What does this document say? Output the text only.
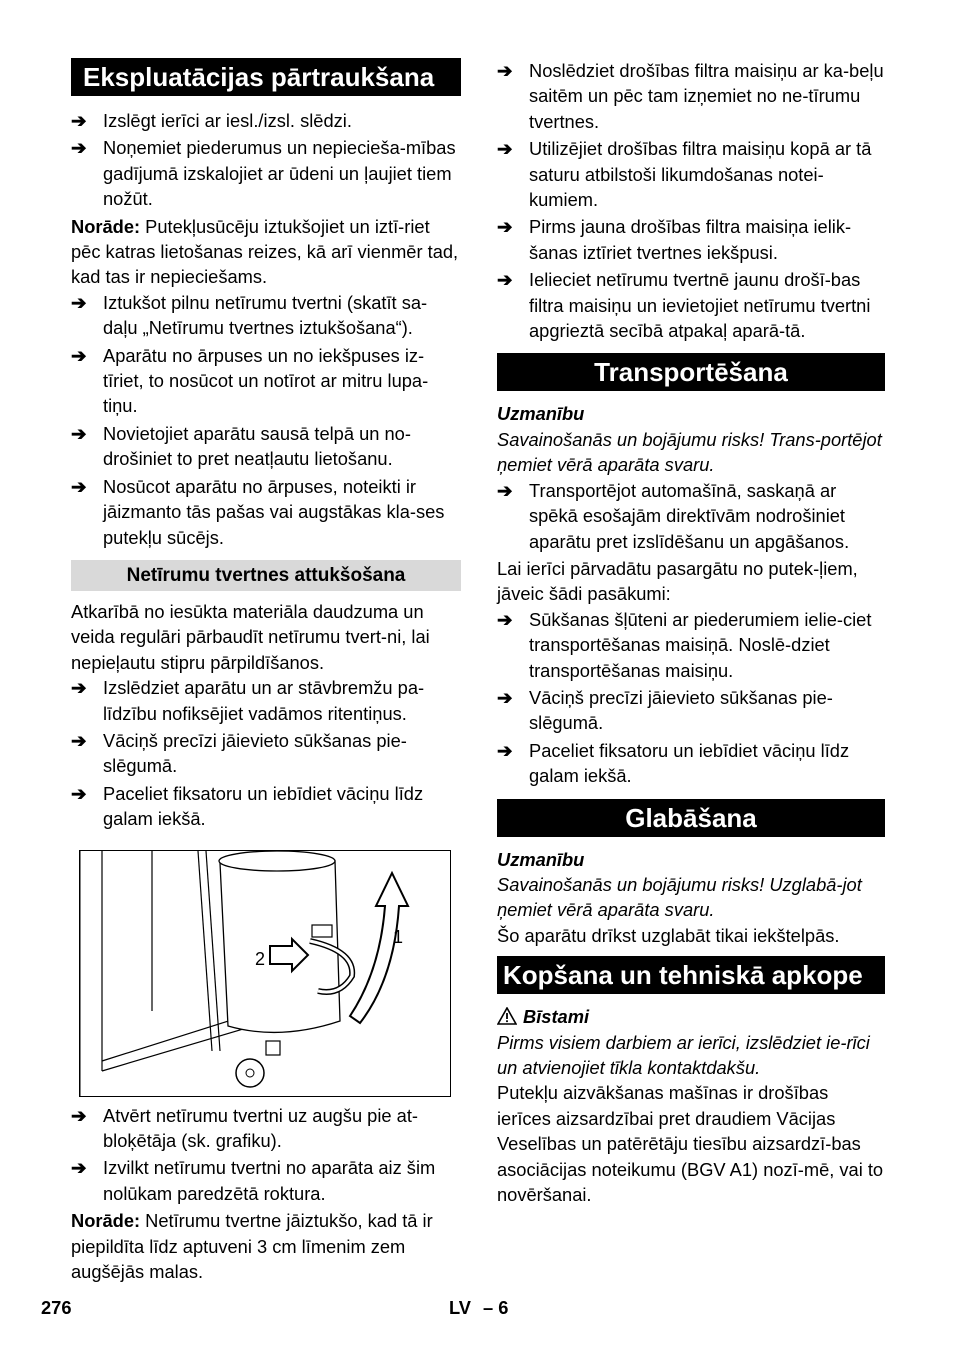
Ekspluatācijas pārtraukšana
➔ Izslēgt ierīci ar iesl./izsl. slēdzi.
➔ Noņemiet piederumus un nepiecieša-mības gadījumā izskalojiet ar ūdeni un ļaujiet tiem nožūt.

Norāde: Putekļusūcēju iztukšojiet un iztī-riet pēc katras lietošanas reizes, kā arī vienmēr tad, kad tas ir nepieciešams.

➔ Iztukšot pilnu netīrumu tvertni (skatīt sa-daļu „Netīrumu tvertnes iztukšošana“).
➔ Aparātu no ārpuses un no iekšpuses iz-tīriet, to nosūcot un notīrot ar mitru lupa-tiņu.
➔ Novietojiet aparātu sausā telpā un no-drošiniet to pret neatļautu lietošanu.
➔ Nosūcot aparātu no ārpuses, noteikti ir jāizmanto tās pašas vai augstākas kla-ses putekļu sūcējs.
Netīrumu tvertnes attukšošana

Atkarībā no iesūkta materiāla daudzuma un veida regulāri pārbaudīt netīrumu tvert-ni, lai nepieļautu stipru pārpildīšanos.

➔ Izslēdziet aparātu un ar stāvbremžu pa-līdzību nofiksējiet vadāmos ritentiņus.
➔ Vāciņš precīzi jāievieto sūkšanas pie-slēgumā.
➔ Paceliet fiksatoru un iebīdiet vāciņu līdz galam iekšā.
2
1
➔ Atvērt netīrumu tvertni uz augšu pie at-bloķētāja (sk. grafiku).
➔ Izvilkt netīrumu tvertni no aparāta aiz šim nolūkam paredzētā roktura.

Norāde: Netīrumu tvertne jāiztukšo, kad tā ir piepildīta līdz aptuveni 3 cm līmenim zem augšējās malas.

➔ Noslēdziet drošības filtra maisiņu ar ka-beļu saitēm un pēc tam izņemiet no ne-tīrumu tvertnes.
➔ Utilizējiet drošības filtra maisiņu kopā ar tā saturu atbilstoši likumdošanas notei-kumiem.
➔ Pirms jauna drošības filtra maisiņa ielik-šanas iztīriet tvertnes iekšpusi.
➔ Ielieciet netīrumu tvertnē jaunu drošī-bas filtra maisiņu un ievietojiet netīrumu tvertni apgrieztā secībā atpakaļ aparā-tā.
Transportēšana

Uzmanību

Savainošanās un bojājumu risks! Trans-portējot ņemiet vērā aparāta svaru.

➔ Transportējot automašīnā, saskaņā ar spēkā esošajām direktīvām nodrošiniet aparātu pret izslīdēšanu un apgāšanos.

Lai ierīci pārvadātu pasargātu no putek-ļiem, jāveic šādi pasākumi:

➔ Sūkšanas šļūteni ar piederumiem ielie-ciet transportēšanas maisiņā. Noslē-dziet transportēšanas maisiņu.
➔ Vāciņš precīzi jāievieto sūkšanas pie-slēgumā.
➔ Paceliet fiksatoru un iebīdiet vāciņu līdz galam iekšā.
Glabāšana

Uzmanību

Savainošanās un bojājumu risks! Uzglabā-jot ņemiet vērā aparāta svaru.

Šo aparātu drīkst uzglabāt tikai iekštelpās.

Kopšana un tehniskā apkope

Bīstami

Pirms visiem darbiem ar ierīci, izslēdziet ie-rīci un atvienojiet tīkla kontaktdakšu.

Putekļu aizvākšanas mašīnas ir drošības ierīces aizsardzībai pret draudiem Vācijas Veselības un patērētāju tiesību aizsardzī-bas asociācijas noteikumu (BGV A1) nozī-mē, vai to novēršanai.

276	LV – 6
